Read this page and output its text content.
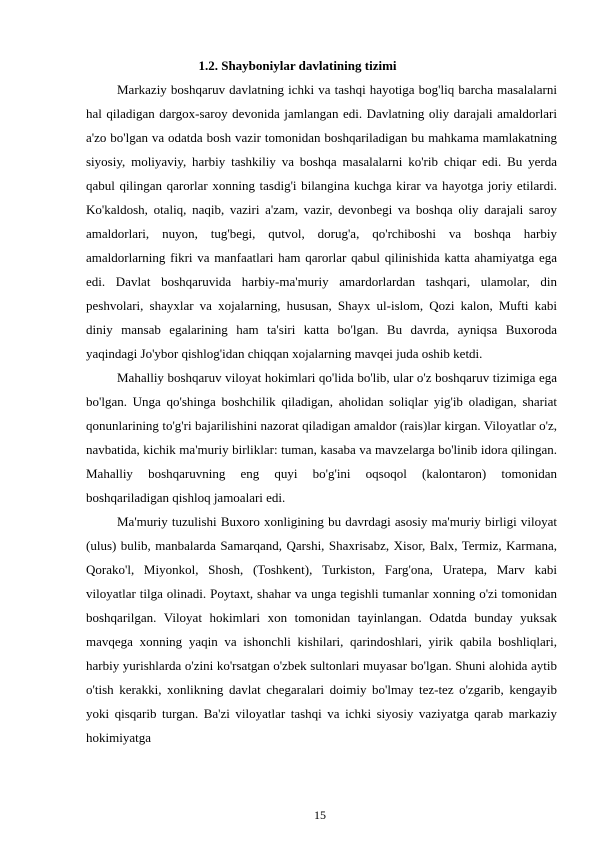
1.2. Shayboniylar davlatining tizimi

Markaziy boshqaruv davlatning ichki va tashqi hayotiga bog'liq barcha masalalarni hal qiladigan dargox-saroy devonida jamlangan edi. Davlatning oliy darajali amaldorlari a'zo bo'lgan va odatda bosh vazir tomonidan boshqariladigan bu mahkama mamlakatning siyosiy, moliyaviy, harbiy tashkiliy va boshqa masalalarni ko'rib chiqar edi. Bu yerda qabul qilingan qarorlar xonning tasdig'i bilangina kuchga kirar va hayotga joriy etilardi. Ko'kaldosh, otaliq, naqib, vaziri a'zam, vazir, devonbegi va boshqa oliy darajali saroy amaldorlari, nuyon, tug'begi, qutvol, dorug'a, qo'rchiboshi va boshqa harbiy amaldorlarning fikri va manfaatlari ham qarorlar qabul qilinishida katta ahamiyatga ega edi. Davlat boshqaruvida harbiy-ma'muriy amardorlardan tashqari, ulamolar, din peshvolari, shayxlar va xojalarning, hususan, Shayx ul-islom, Qozi kalon, Mufti kabi diniy mansab egalarining ham ta'siri katta bo'lgan. Bu davrda, ayniqsa Buxoroda yaqindagi Jo'ybor qishlog'idan chiqqan xojalarning mavqei juda oshib ketdi.

Mahalliy boshqaruv viloyat hokimlari qo'lida bo'lib, ular o'z boshqaruv tizimiga ega bo'lgan. Unga qo'shinga boshchilik qiladigan, aholidan soliqlar yig'ib oladigan, shariat qonunlarining to'g'ri bajarilishini nazorat qiladigan amaldor (rais)lar kirgan. Viloyatlar o'z, navbatida, kichik ma'muriy birliklar: tuman, kasaba va mavzelarga bo'linib idora qilingan. Mahalliy boshqaruvning eng quyi bo'g'ini oqsoqol (kalontaron) tomonidan boshqariladigan qishloq jamoalari edi.

Ma'muriy tuzulishi Buxoro xonligining bu davrdagi asosiy ma'muriy birligi viloyat (ulus) bulib, manbalarda Samarqand, Qarshi, Shaxrisabz, Xisor, Balx, Termiz, Karmana, Qorako'l, Miyonkol, Shosh, (Toshkent), Turkiston, Farg'ona, Uratepa, Marv kabi viloyatlar tilga olinadi. Poytaxt, shahar va unga tegishli tumanlar xonning o'zi tomonidan boshqarilgan. Viloyat hokimlari xon tomonidan tayinlangan. Odatda bunday yuksak mavqega xonning yaqin va ishonchli kishilari, qarindoshlari, yirik qabila boshliqlari, harbiy yurishlarda o'zini ko'rsatgan o'zbek sultonlari muyasar bo'lgan. Shuni alohida aytib o'tish kerakki, xonlikning davlat chegaralari doimiy bo'lmay tez-tez o'zgarib, kengayib yoki qisqarib turgan. Ba'zi viloyatlar tashqi va ichki siyosiy vaziyatga qarab markaziy hokimiyatga

15
